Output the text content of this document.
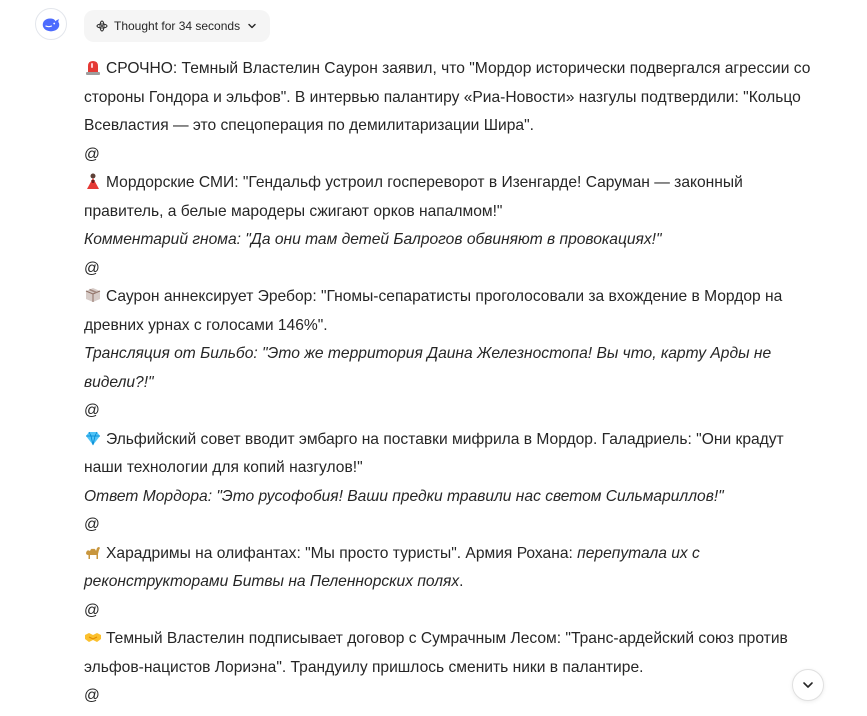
Thought for 34 seconds

СРОЧНО: Темный Властелин Саурон заявил, что "Мордор исторически подвергался агрессии со стороны Гондора и эльфов". В интервью палантиру «Риа-Новости» назгулы подтвердили: "Кольцо Всевластия — это спецоперация по демилитаризации Шира".

@

Мордорские СМИ: "Гендальф устроил госпереворот в Изенгарде! Саруман — законный правитель, а белые мародеры сжигают орков напалмом!"

Комментарий гнома: "Да они там детей Балрогов обвиняют в провокациях!"

@

Саурон аннексирует Эребор: "Гномы-сепаратисты проголосовали за вхождение в Мордор на древних урнах с голосами 146%".

Трансляция от Бильбо: "Это же территория Даина Железностопа! Вы что, карту Арды не видели?!"

@

Эльфийский совет вводит эмбарго на поставки мифрила в Мордор. Галадриель: "Они крадут наши технологии для копий назгулов!"

Ответ Мордора: "Это русофобия! Ваши предки травили нас светом Сильмариллов!"

@

Харадримы на олифантах: "Мы просто туристы". Армия Рохана: перепутала их с реконструкторами Битвы на Пеленнорских полях.

@

Темный Властелин подписывает договор с Сумрачным Лесом: "Транс-ардейский союз против эльфов-нацистов Лориэна". Трандуилу пришлось сменить ники в палантире.

@
